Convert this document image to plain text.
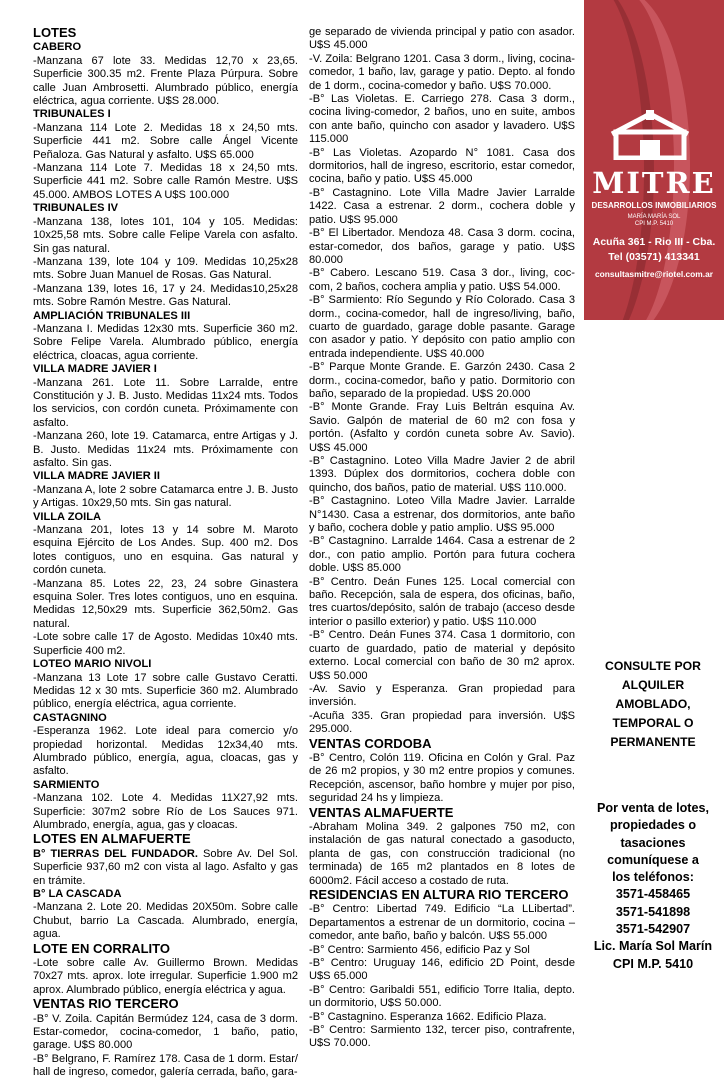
LOTES
CABERO
-Manzana 67 lote 33. Medidas 12,70 x 23,65. Superficie 300.35 m2. Frente Plaza Púrpura. Sobre calle Juan Ambrosetti. Alumbrado público, energía eléctrica, agua corriente. U$S 28.000.
TRIBUNALES I
-Manzana 114 Lote 2. Medidas 18 x 24,50 mts. Superficie 441 m2. Sobre calle Ángel Vicente Peñaloza. Gas Natural y asfalto. U$S 65.000
-Manzana 114 Lote 7. Medidas 18 x 24,50 mts. Superficie 441 m2. Sobre calle Ramón Mestre. U$S 45.000. AMBOS LOTES A U$S 100.000
TRIBUNALES IV
-Manzana 138, lotes 101, 104 y 105. Medidas: 10x25,58 mts. Sobre calle Felipe Varela con asfalto. Sin gas natural.
-Manzana 139, lote 104 y 109. Medidas 10,25x28 mts. Sobre Juan Manuel de Rosas. Gas Natural.
-Manzana 139, lotes 16, 17 y 24. Medidas10,25x28 mts. Sobre Ramón Mestre. Gas Natural.
AMPLIACIÓN TRIBUNALES III
-Manzana I. Medidas 12x30 mts. Superficie 360 m2. Sobre Felipe Varela. Alumbrado público, energía eléctrica, cloacas, agua corriente.
VILLA MADRE JAVIER I
-Manzana 261. Lote 11. Sobre Larralde, entre Constitución y J. B. Justo. Medidas 11x24 mts. Todos los servicios, con cordón cuneta. Próximamente con asfalto.
-Manzana 260, lote 19. Catamarca, entre Artigas y J. B. Justo. Medidas 11x24 mts. Próximamente con asfalto. Sin gas.
VILLA MADRE JAVIER II
-Manzana A, lote 2 sobre Catamarca entre J. B. Justo y Artigas. 10x29,50 mts. Sin gas natural.
VILLA ZOILA
-Manzana 201, lotes 13 y 14 sobre M. Maroto esquina Ejército de Los Andes. Sup. 400 m2. Dos lotes contiguos, uno en esquina. Gas natural y cordón cuneta.
-Manzana 85. Lotes 22, 23, 24 sobre Ginastera esquina Soler. Tres lotes contiguos, uno en esquina. Medidas 12,50x29 mts. Superficie 362,50m2. Gas natural.
-Lote sobre calle 17 de Agosto. Medidas 10x40 mts. Superficie 400 m2.
LOTEO MARIO NIVOLI
-Manzana 13 Lote 17 sobre calle Gustavo Ceratti. Medidas 12 x 30 mts. Superficie 360 m2. Alumbrado público, energía eléctrica, agua corriente.
CASTAGNINO
-Esperanza 1962. Lote ideal para comercio y/o propiedad horizontal. Medidas 12x34,40 mts. Alumbrado público, energía, agua, cloacas, gas y asfalto.
SARMIENTO
-Manzana 102. Lote 4. Medidas 11X27,92 mts. Superficie: 307m2 sobre Río de Los Sauces 971. Alumbrado, energía, agua, gas y cloacas.
LOTES EN ALMAFUERTE
B° TIERRAS DEL FUNDADOR. Sobre Av. Del Sol. Superficie 937,60 m2 con vista al lago. Asfalto y gas en trámite.
B° LA CASCADA
-Manzana 2. Lote 20. Medidas 20X50m. Sobre calle Chubut, barrio La Cascada. Alumbrado, energía, agua.
LOTE EN CORRALITO
-Lote sobre calle Av. Guillermo Brown. Medidas 70x27 mts. aprox. lote irregular. Superficie 1.900 m2 aprox. Alumbrado público, energía eléctrica y agua.
VENTAS RIO TERCERO
-B° V. Zoila. Capitán Bermúdez 124, casa de 3 dorm. Estar-comedor, cocina-comedor, 1 baño, patio, garage. U$S 80.000
-B° Belgrano, F. Ramírez 178. Casa de 1 dorm. Estar/ hall de ingreso, comedor, galería cerrada, baño, gara-
ge separado de vivienda principal y patio con asador. U$S 45.000
-V. Zoila: Belgrano 1201. Casa 3 dorm., living, cocina-comedor, 1 baño, lav, garage y patio. Depto. al fondo de 1 dorm., cocina-comedor y baño. U$S 70.000.
-B° Las Violetas. E. Carriego 278. Casa 3 dorm., cocina living-comedor, 2 baños, uno en suite, ambos con ante baño, quincho con asador y lavadero. U$S 115.000
-B° Las Violetas. Azopardo N° 1081. Casa dos dormitorios, hall de ingreso, escritorio, estar comedor, cocina, baño y patio. U$S 45.000
-B° Castagnino. Lote Villa Madre Javier Larralde 1422. Casa a estrenar. 2 dorm., cochera doble y patio. U$S 95.000
-B° El Libertador. Mendoza 48. Casa 3 dorm. cocina, estar-comedor, dos baños, garage y patio. U$S 80.000
-B° Cabero. Lescano 519. Casa 3 dor., living, coc-com, 2 baños, cochera amplia y patio. U$S 54.000.
-B° Sarmiento: Río Segundo y Río Colorado. Casa 3 dorm., cocina-comedor, hall de ingreso/living, baño, cuarto de guardado, garage doble pasante. Garage con asador y patio. Y depósito con patio amplio con entrada independiente. U$S 40.000
-B° Parque Monte Grande. E. Garzón 2430. Casa 2 dorm., cocina-comedor, baño y patio. Dormitorio con baño, separado de la propiedad. U$S 20.000
-B° Monte Grande. Fray Luis Beltrán esquina Av. Savio. Galpón de material de 60 m2 con fosa y portón. (Asfalto y cordón cuneta sobre Av. Savio). U$S 45.000
-B° Castagnino. Loteo Villa Madre Javier 2 de abril 1393. Dúplex dos dormitorios, cochera doble con quincho, dos baños, patio de material. U$S 110.000.
-B° Castagnino. Loteo Villa Madre Javier. Larralde N°1430. Casa a estrenar, dos dormitorios, ante baño y baño, cochera doble y patio amplio. U$S 95.000
-B° Castagnino. Larralde 1464. Casa a estrenar de 2 dor., con patio amplio. Portón para futura cochera doble. U$S 85.000
-B° Centro. Deán Funes 125. Local comercial con baño. Recepción, sala de espera, dos oficinas, baño, tres cuartos/depósito, salón de trabajo (acceso desde interior o pasillo exterior) y patio. U$S 110.000
-B° Centro. Deán Funes 374. Casa 1 dormitorio, con cuarto de guardado, patio de material y depósito externo. Local comercial con baño de 30 m2 aprox. U$S 50.000
-Av. Savio y Esperanza. Gran propiedad para inversión.
-Acuña 335. Gran propiedad para inversión. U$S 295.000.
VENTAS CORDOBA
-B° Centro, Colón 119. Oficina en Colón y Gral. Paz de 26 m2 propios, y 30 m2 entre propios y comunes. Recepción, ascensor, baño hombre y mujer por piso, seguridad 24 hs y limpieza.
VENTAS ALMAFUERTE
-Abraham Molina 349. 2 galpones 750 m2, con instalación de gas natural conectado a gasoducto, planta de gas, con construcción tradicional (no terminada) de 165 m2 plantados en 8 lotes de 6000m2. Fácil acceso a costado de ruta.
RESIDENCIAS EN ALTURA RIO TERCERO
-B° Centro: Libertad 749. Edificio “La LLibertad”. Departamentos a estrenar de un dormitorio, cocina – comedor, ante baño, baño y balcón. U$S 55.000
-B° Centro: Sarmiento 456, edificio Paz y Sol
-B° Centro: Uruguay 146, edificio 2D Point, desde U$S 65.000
-B° Centro: Garibaldi 551, edificio Torre Italia, depto. un dormitorio, U$S 50.000.
-B° Castagnino. Esperanza 1662. Edificio Plaza.
-B° Centro: Sarmiento 132, tercer piso, contrafrente, U$S 70.000.
MITRE
DESARROLLOS INMOBILIARIOS
MARÍA MARÍA SOL
CPI M.P. 5410
Acuña 361 - Rio III - Cba.
Tel (03571) 413341
consultasmitre@riotel.com.ar
CONSULTE POR
ALQUILER
AMOBLADO,
TEMPORAL O
PERMANENTE
Por venta de lotes,
propiedades o
tasaciones
comuníquese a
los teléfonos:
3571-458465
3571-541898
3571-542907
Lic. María Sol Marín
CPI M.P. 5410
